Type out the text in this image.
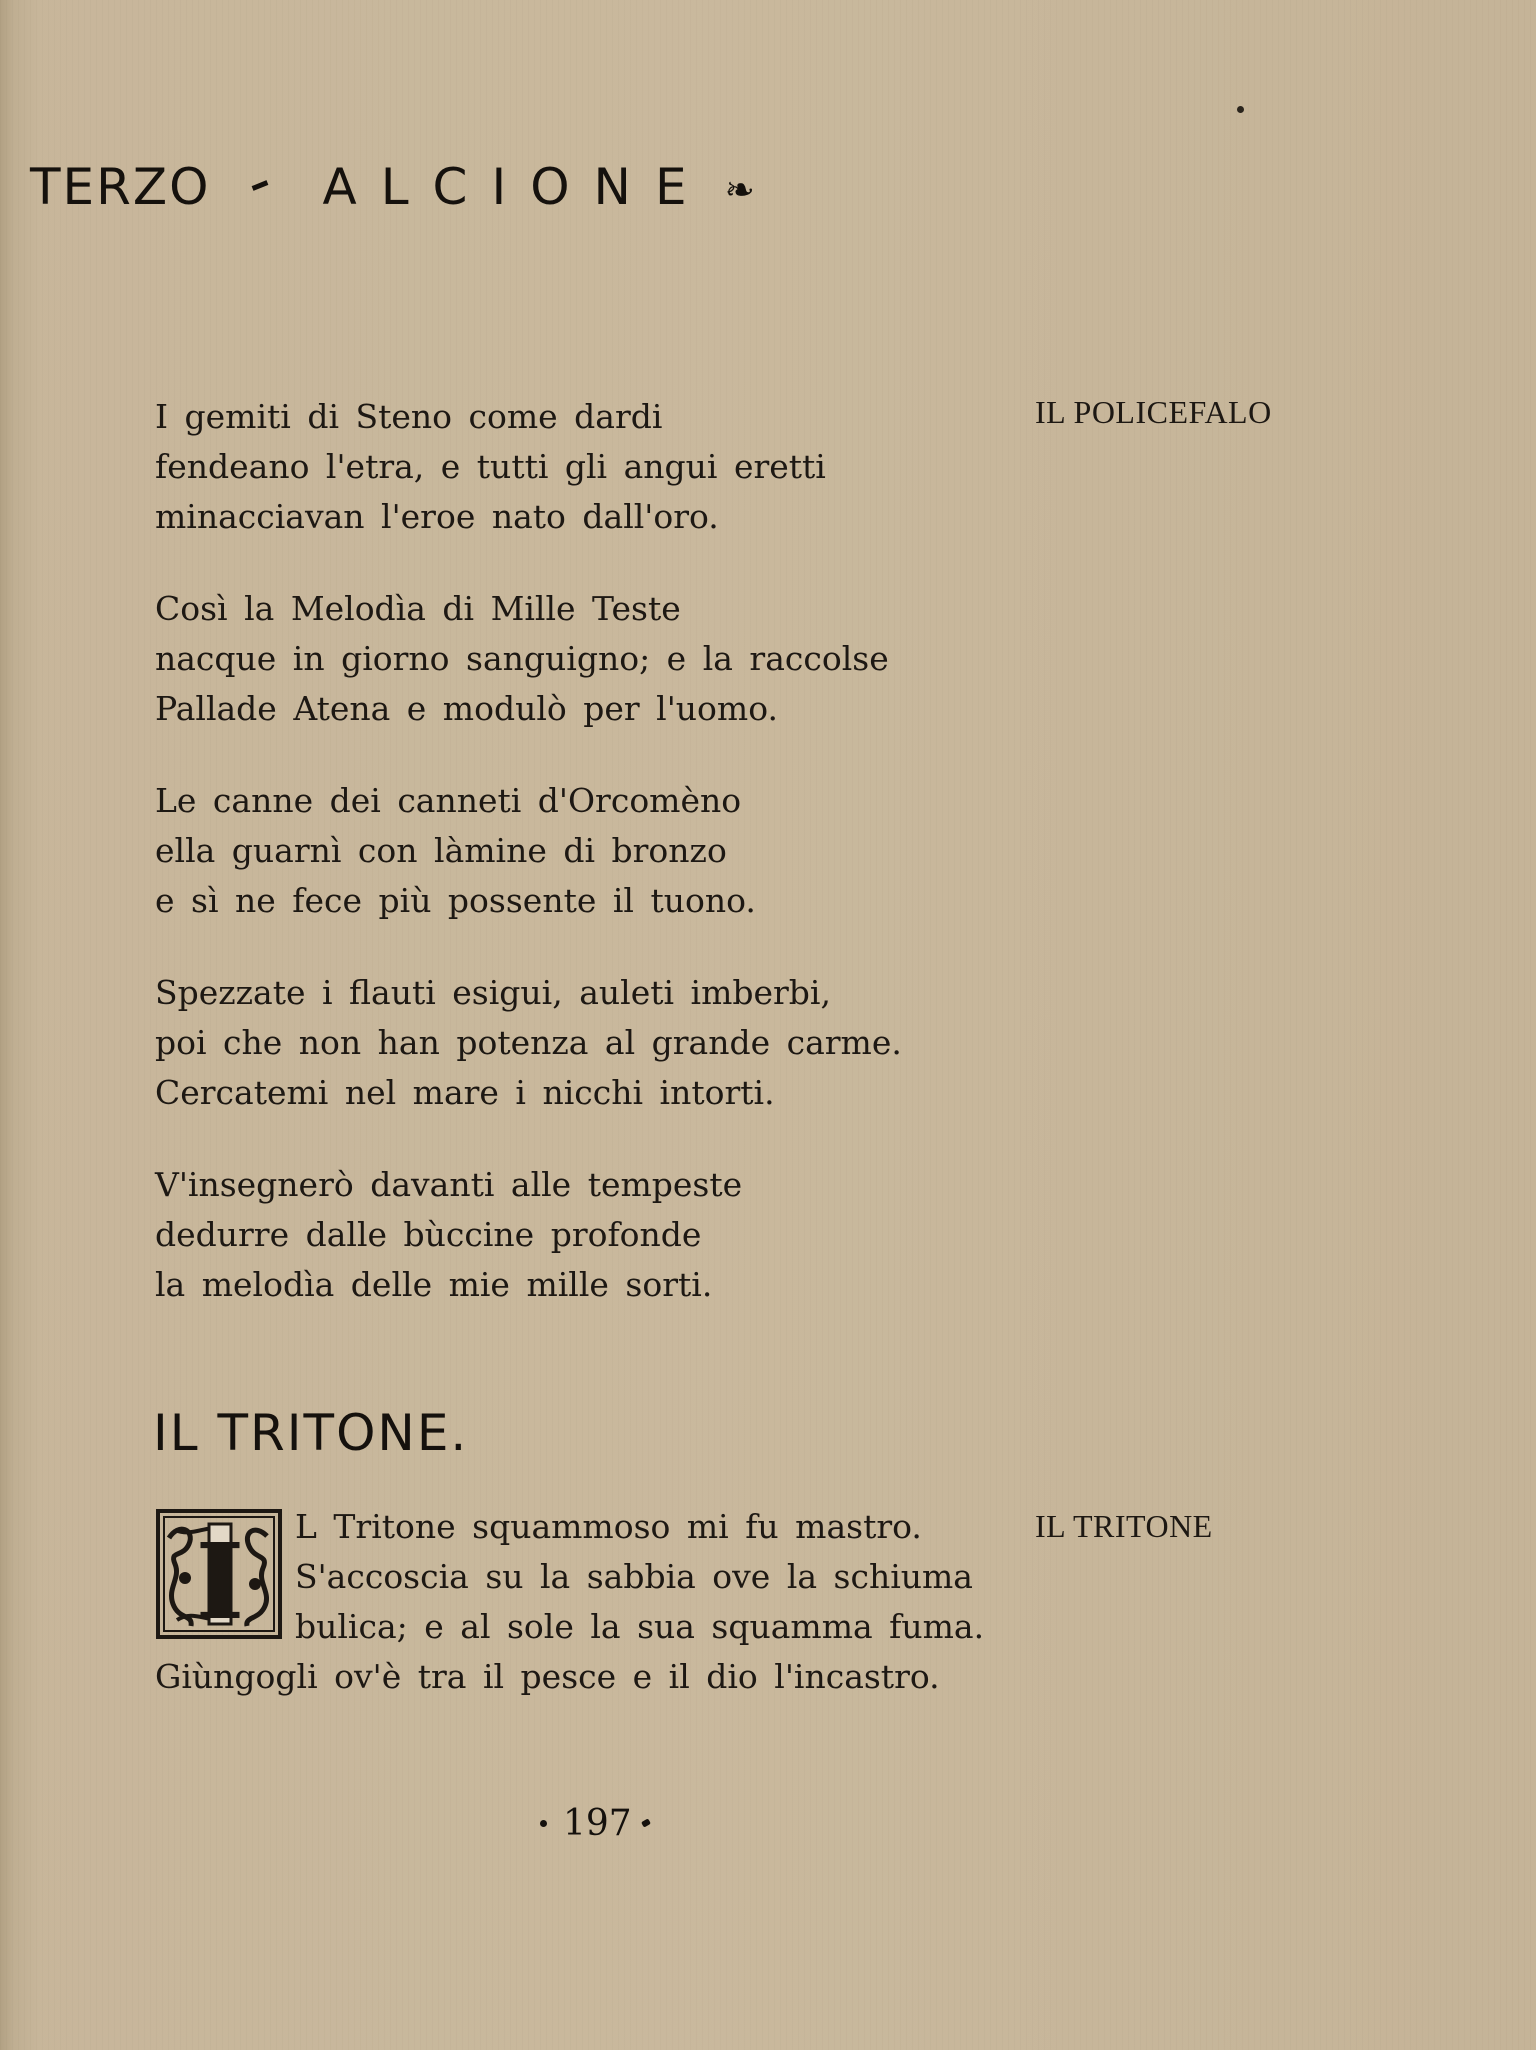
TERZO ALCIONE ❧
IL POLICEFALO
I gemiti di Steno come dardi
fendeano l'etra, e tutti gli angui eretti
minacciavan l'eroe nato dall'oro.
Così la Melodìa di Mille Teste
nacque in giorno sanguigno; e la raccolse
Pallade Atena e modulò per l'uomo.
Le canne dei canneti d'Orcomèno
ella guarnì con làmine di bronzo
e sì ne fece più possente il tuono.
Spezzate i flauti esigui, auleti imberbi,
poi che non han potenza al grande carme.
Cercatemi nel mare i nicchi intorti.
V'insegnerò davanti alle tempeste
dedurre dalle bùccine profonde
la melodìa delle mie mille sorti.
IL TRITONE.
IL TRITONE
I	L Tritone squammoso mi fu mastro.
S'accoscia su la sabbia ove la schiuma
bulica; e al sole la sua squamma fuma.
Giùngogli ov'è tra il pesce e il dio l'incastro.
197
